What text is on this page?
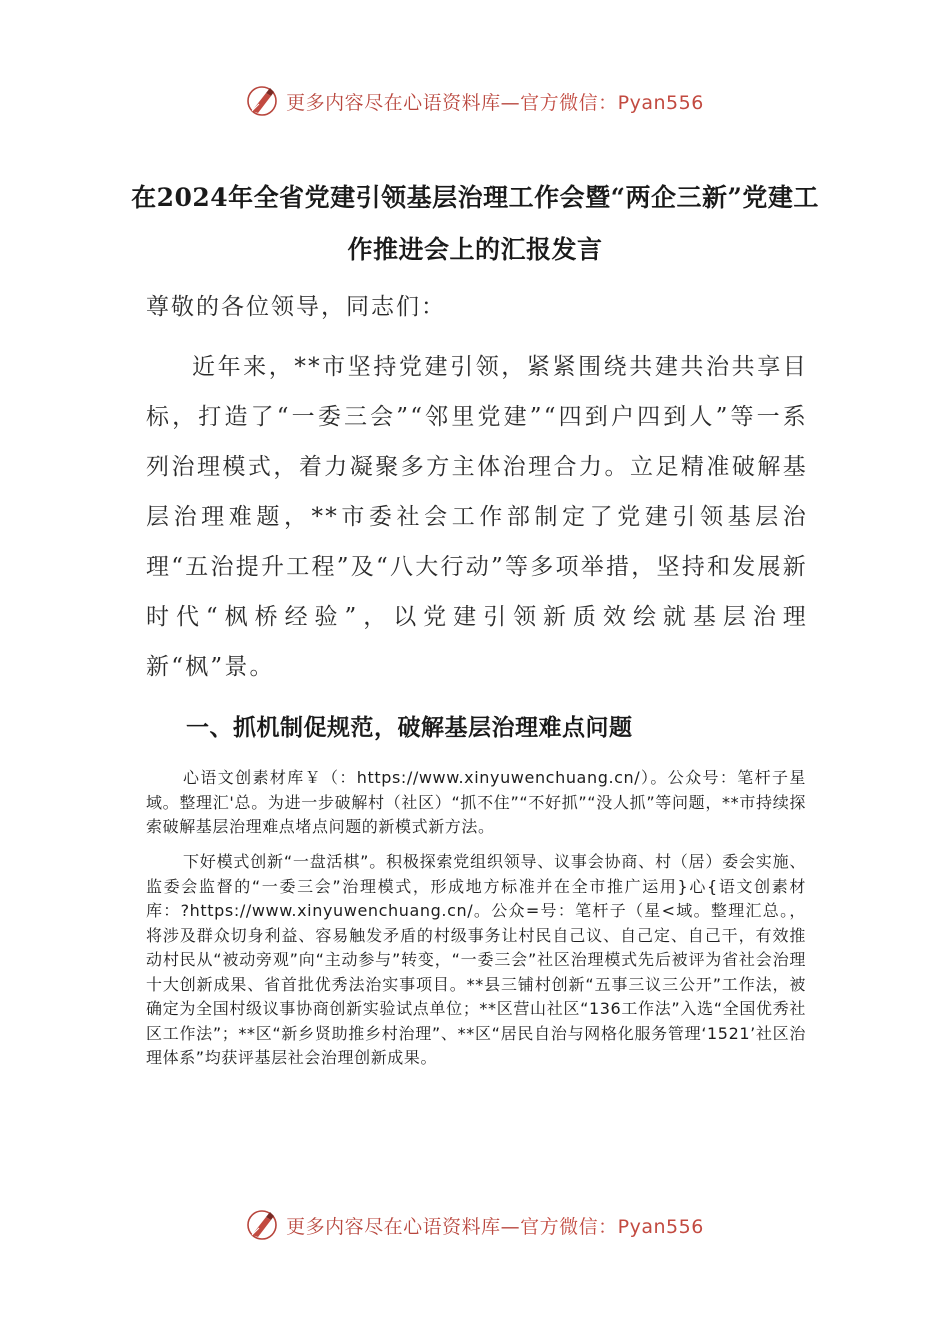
更多内容尽在心语资料库—官方微信：Pyan556
在2024年全省党建引领基层治理工作会暨“两企三新”党建工作推进会上的汇报发言
尊敬的各位领导，同志们：

近年来，**市坚持党建引领，紧紧围绕共建共治共享目标，打造了“一委三会”“邻里党建”“四到户四到人”等一系列治理模式，着力凝聚多方主体治理合力。立足精准破解基层治理难题，**市委社会工作部制定了党建引领基层治理“五治提升工程”及“八大行动”等多项举措，坚持和发展新时代“枫桥经验”，以党建引领新质效绘就基层治理新“枫”景。

一、抓机制促规范，破解基层治理难点问题

心语文创素材库￥（：https://www.xinyuwenchuang.cn/）。公众号：笔杆子星域。整理汇'总。为进一步破解村（社区）“抓不住”“不好抓”“没人抓”等问题，**市持续探索破解基层治理难点堵点问题的新模式新方法。

下好模式创新“一盘活棋”。积极探索党组织领导、议事会协商、村（居）委会实施、监委会监督的“一委三会”治理模式，形成地方标准并在全市推广运用}心{语文创素材库：?https://www.xinyuwenchuang.cn/。公众=号：笔杆子（星<域。整理汇总。，将涉及群众切身利益、容易触发矛盾的村级事务让村民自己议、自己定、自己干，有效推动村民从“被动旁观”向“主动参与”转变，“一委三会”社区治理模式先后被评为省社会治理十大创新成果、省首批优秀法治实事项目。**县三铺村创新“五事三议三公开”工作法，被确定为全国村级议事协商创新实验试点单位；**区营山社区“136工作法”入选“全国优秀社区工作法”；**区“新乡贤助推乡村治理”、**区“居民自治与网格化服务管理‘1521’社区治理体系”均获评基层社会治理创新成果。

更多内容尽在心语资料库—官方微信：Pyan556
